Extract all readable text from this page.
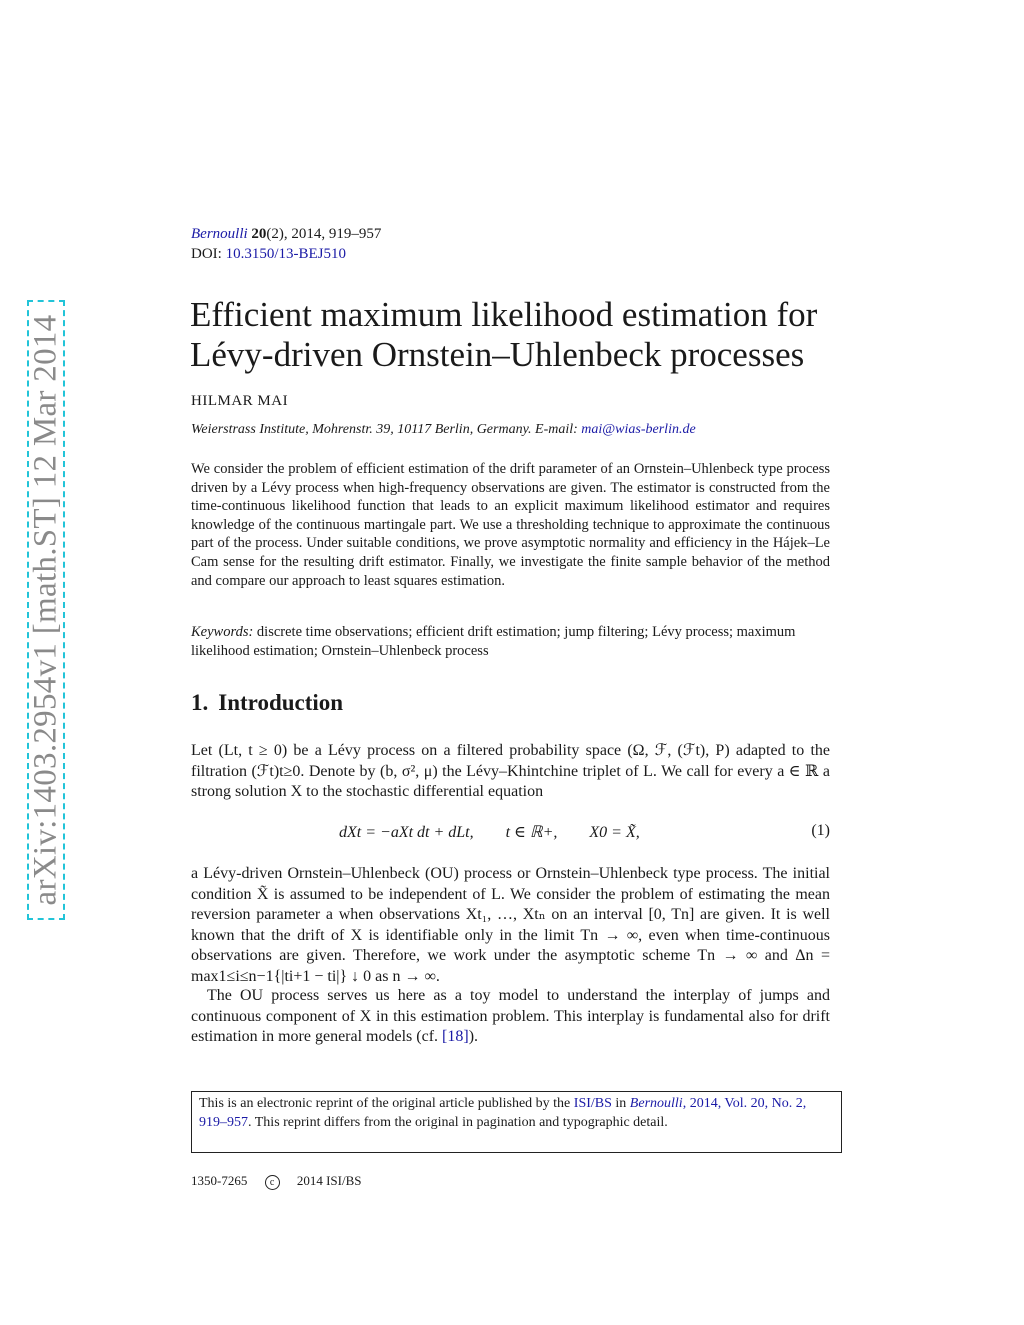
arXiv:1403.2954v1 [math.ST] 12 Mar 2014
Bernoulli 20(2), 2014, 919–957
DOI: 10.3150/13-BEJ510
Efficient maximum likelihood estimation for Lévy-driven Ornstein–Uhlenbeck processes
HILMAR MAI
Weierstrass Institute, Mohrenstr. 39, 10117 Berlin, Germany. E-mail: mai@wias-berlin.de

We consider the problem of efficient estimation of the drift parameter of an Ornstein–Uhlenbeck type process driven by a Lévy process when high-frequency observations are given. The estimator is constructed from the time-continuous likelihood function that leads to an explicit maximum likelihood estimator and requires knowledge of the continuous martingale part. We use a thresholding technique to approximate the continuous part of the process. Under suitable conditions, we prove asymptotic normality and efficiency in the Hájek–Le Cam sense for the resulting drift estimator. Finally, we investigate the finite sample behavior of the method and compare our approach to least squares estimation.

Keywords: discrete time observations; efficient drift estimation; jump filtering; Lévy process; maximum likelihood estimation; Ornstein–Uhlenbeck process

1. Introduction

Let (Lt, t ≥ 0) be a Lévy process on a filtered probability space (Ω, ℱ, (ℱt), P) adapted to the filtration (ℱt)t≥0. Denote by (b, σ², μ) the Lévy–Khintchine triplet of L. We call for every a ∈ ℝ a strong solution X to the stochastic differential equation

dXt = −aXt dt + dLt,        t ∈ ℝ+,        X0 = X̃,	(1)

a Lévy-driven Ornstein–Uhlenbeck (OU) process or Ornstein–Uhlenbeck type process. The initial condition X̃ is assumed to be independent of L. We consider the problem of estimating the mean reversion parameter a when observations Xt₁, …, Xtₙ on an interval [0, Tn] are given. It is well known that the drift of X is identifiable only in the limit Tn → ∞, even when time-continuous observations are given. Therefore, we work under the asymptotic scheme Tn → ∞ and Δn = max1≤i≤n−1{|ti+1 − ti|} ↓ 0 as n → ∞.

The OU process serves us here as a toy model to understand the interplay of jumps and continuous component of X in this estimation problem. This interplay is fundamental also for drift estimation in more general models (cf. [18]).

This is an electronic reprint of the original article published by the ISI/BS in Bernoulli, 2014, Vol. 20, No. 2, 919–957. This reprint differs from the original in pagination and typographic detail.
1350-7265 c 2014 ISI/BS
